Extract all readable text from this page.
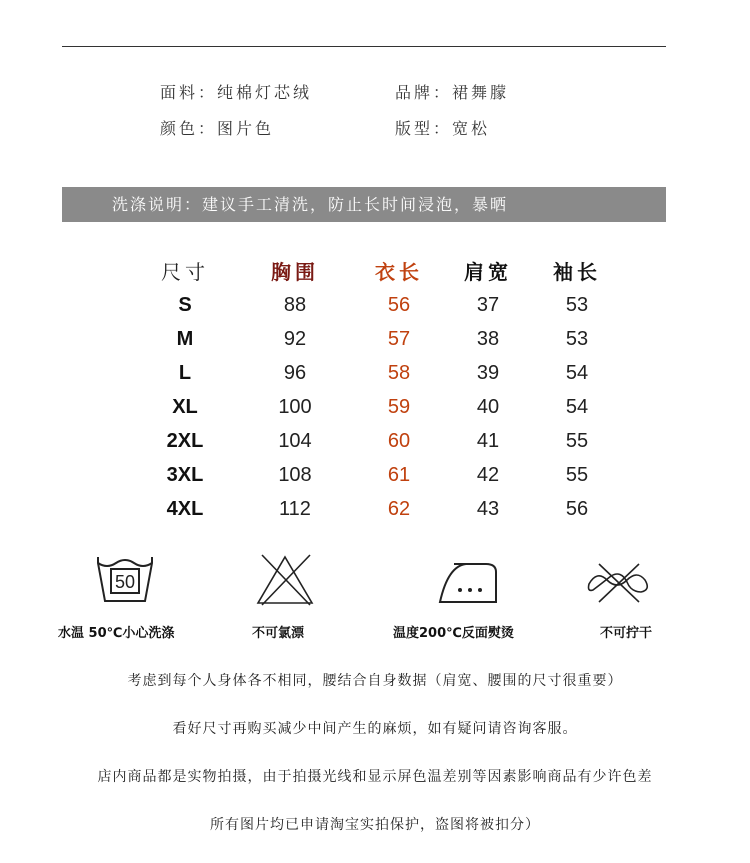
面料：纯棉灯芯绒	品牌：裙舞朦
颜色：图片色	版型：宽松
洗涤说明：建议手工清洗，防止长时间浸泡，暴晒
尺寸	胸围	衣长	肩宽	袖长
S	88	56	37	53
M	92	57	38	53
L	96	58	39	54
XL	100	59	40	54
2XL	104	60	41	55
3XL	108	61	42	55
4XL	112	62	43	56
50
水温 50℃小心洗涤	不可氯漂	温度200℃反面熨烫	不可拧干
考虑到每个人身体各不相同，腰结合自身数据（肩宽、腰围的尺寸很重要）
看好尺寸再购买减少中间产生的麻烦，如有疑问请咨询客服。
店内商品都是实物拍摄，由于拍摄光线和显示屏色温差别等因素影响商品有少许色差
所有图片均已申请淘宝实拍保护，盗图将被扣分）
